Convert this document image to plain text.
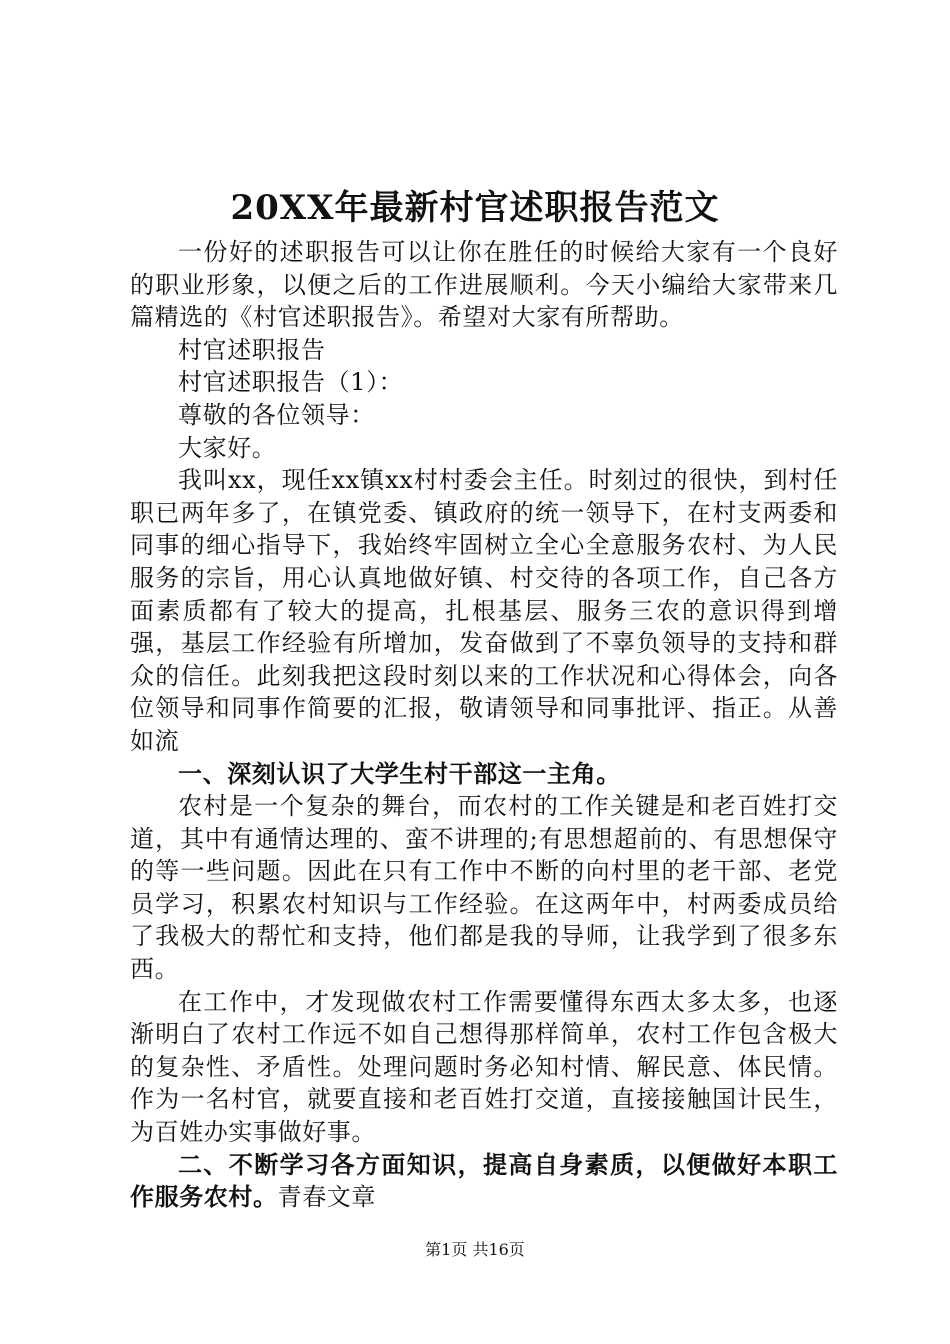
20XX年最新村官述职报告范文

一份好的述职报告可以让你在胜任的时候给大家有一个良好的职业形象，以便之后的工作进展顺利。今天小编给大家带来几篇精选的《村官述职报告》。希望对大家有所帮助。

村官述职报告

村官述职报告（1）：

尊敬的各位领导：

大家好。

我叫xx，现任xx镇xx村村委会主任。时刻过的很快，到村任职已两年多了，在镇党委、镇政府的统一领导下，在村支两委和同事的细心指导下，我始终牢固树立全心全意服务农村、为人民服务的宗旨，用心认真地做好镇、村交待的各项工作，自己各方面素质都有了较大的提高，扎根基层、服务三农的意识得到增强，基层工作经验有所增加，发奋做到了不辜负领导的支持和群众的信任。此刻我把这段时刻以来的工作状况和心得体会，向各位领导和同事作简要的汇报，敬请领导和同事批评、指正。从善如流

一、深刻认识了大学生村干部这一主角。

农村是一个复杂的舞台，而农村的工作关键是和老百姓打交道，其中有通情达理的、蛮不讲理的;有思想超前的、有思想保守的等一些问题。因此在只有工作中不断的向村里的老干部、老党员学习，积累农村知识与工作经验。在这两年中，村两委成员给了我极大的帮忙和支持，他们都是我的导师，让我学到了很多东西。

在工作中，才发现做农村工作需要懂得东西太多太多，也逐渐明白了农村工作远不如自己想得那样简单，农村工作包含极大的复杂性、矛盾性。处理问题时务必知村情、解民意、体民情。作为一名村官，就要直接和老百姓打交道，直接接触国计民生，为百姓办实事做好事。

二、不断学习各方面知识，提高自身素质，以便做好本职工作服务农村。青春文章

第1页 共16页
